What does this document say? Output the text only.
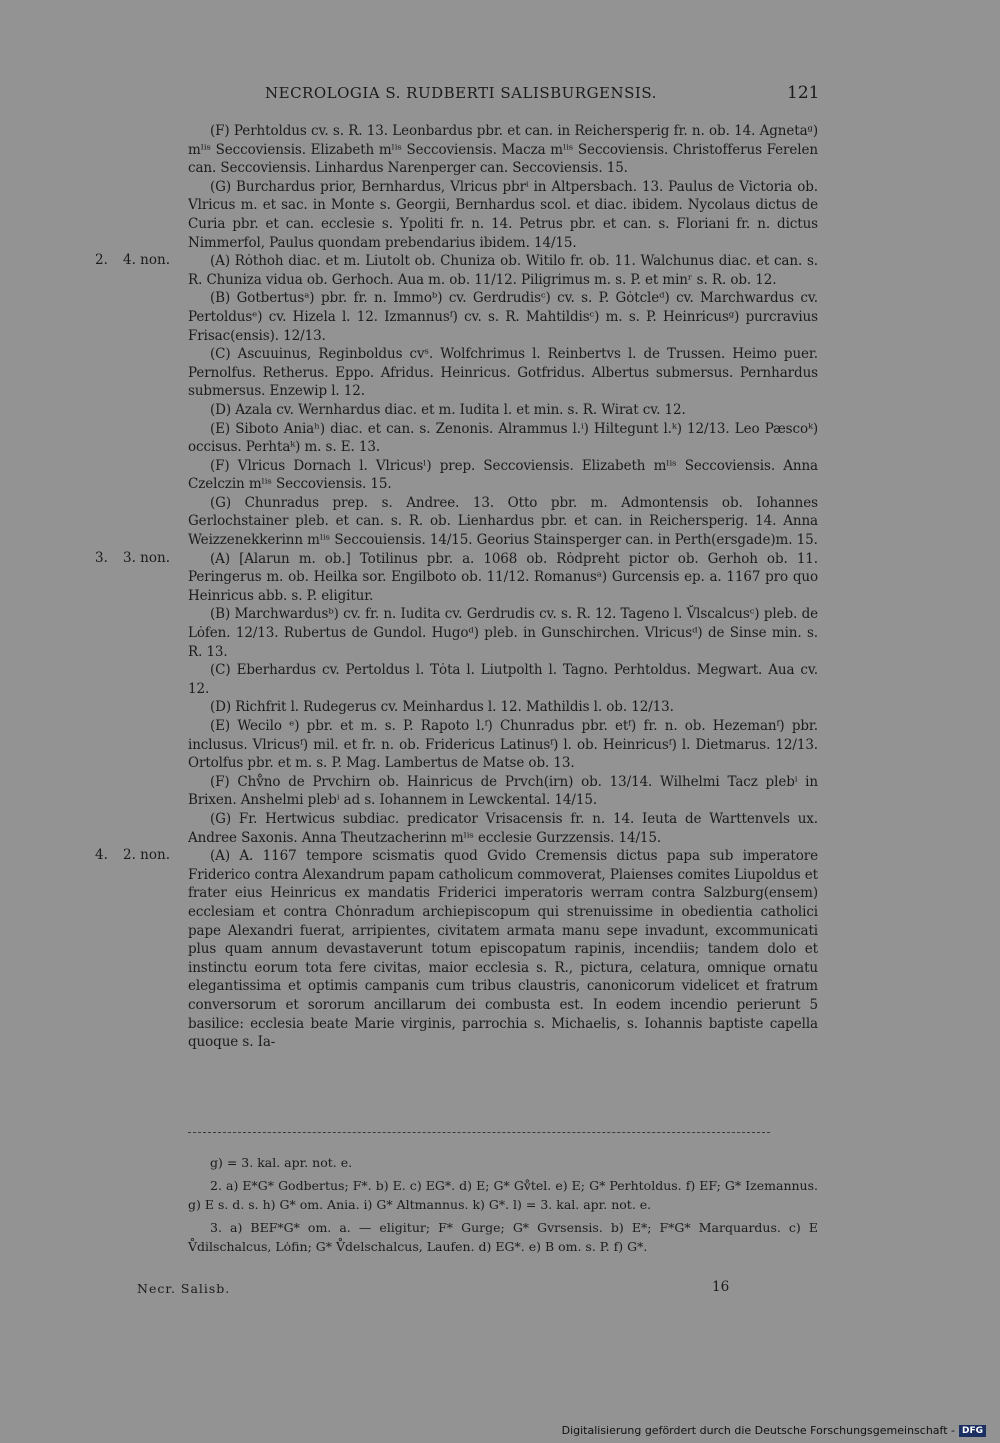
NECROLOGIA S. RUDBERTI SALISBURGENSIS.	121

(F) Perhtoldus cv. s. R. 13. Leonbardus pbr. et can. in Reichersperig fr. n. ob. 14. Agnetaᵍ) mˡⁱˢ Seccoviensis. Elizabeth mˡⁱˢ Seccoviensis. Macza mˡⁱˢ Seccoviensis. Christofferus Ferelen can. Seccoviensis. Linhardus Narenperger can. Seccoviensis. 15.

(G) Burchardus prior, Bernhardus, Vlricus pbrⁱ in Altpersbach. 13. Paulus de Victoria ob. Vlricus m. et sac. in Monte s. Georgii, Bernhardus scol. et diac. ibidem. Nycolaus dictus de Curia pbr. et can. ecclesie s. Ypoliti fr. n. 14. Petrus pbr. et can. s. Floriani fr. n. dictus Nimmerfol, Paulus quondam prebendarius ibidem. 14/15.

2. 4. non.	(A) Rȯthoh diac. et m. Liutolt ob. Chuniza ob. Witilo fr. ob. 11. Walchunus diac. et can. s. R. Chuniza vidua ob. Gerhoch. Aua m. ob. 11/12. Piligrimus m. s. P. et minʳ s. R. ob. 12.

(B) Gotbertusᵃ) pbr. fr. n. Immoᵇ) cv. Gerdrudisᶜ) cv. s. P. Gȯtcleᵈ) cv. Marchwardus cv. Pertoldusᵉ) cv. Hizela l. 12. Izmannusᶠ) cv. s. R. Mahtildisᶜ) m. s. P. Heinricusᵍ) purcravius Frisac(ensis). 12/13.

(C) Ascuuinus, Reginboldus cvˢ. Wolfchrimus l. Reinbertvs l. de Trussen. Heimo puer. Pernolfus. Retherus. Eppo. Afridus. Heinricus. Gotfridus. Albertus submersus. Pernhardus submersus. Enzewip l. 12.

(D) Azala cv. Wernhardus diac. et m. Iudita l. et min. s. R. Wirat cv. 12.

(E) Siboto Aniaʰ) diac. et can. s. Zenonis. Alrammus l.ⁱ) Hiltegunt l.ᵏ) 12/13. Leo Pæscoᵏ) occisus. Perhtaᵏ) m. s. E. 13.

(F) Vlricus Dornach l. Vlricusˡ) prep. Seccoviensis. Elizabeth mˡⁱˢ Seccoviensis. Anna Czelczin mˡⁱˢ Seccoviensis. 15.

(G) Chunradus prep. s. Andree. 13. Otto pbr. m. Admontensis ob. Iohannes Gerlochstainer pleb. et can. s. R. ob. Lienhardus pbr. et can. in Reichersperig. 14. Anna Weizzenekkerinn mˡⁱˢ Seccouiensis. 14/15. Georius Stainsperger can. in Perth(ersgade)m. 15.

3. 3. non.	(A) [Alarun m. ob.] Totilinus pbr. a. 1068 ob. Rȯdpreht pictor ob. Gerhoh ob. 11. Peringerus m. ob. Heilka sor. Engilboto ob. 11/12. Romanusᵃ) Gurcensis ep. a. 1167 pro quo Heinricus abb. s. P. eligitur.

(B) Marchwardusᵇ) cv. fr. n. Iudita cv. Gerdrudis cv. s. R. 12. Tageno l. V̊lscalcusᶜ) pleb. de Lȯfen. 12/13. Rubertus de Gundol. Hugoᵈ) pleb. in Gunschirchen. Vlricusᵈ) de Sinse min. s. R. 13.

(C) Eberhardus cv. Pertoldus l. Tȯta l. Liutpolth l. Tagno. Perhtoldus. Megwart. Aua cv. 12.

(D) Richfrit l. Rudegerus cv. Meinhardus l. 12. Mathildis l. ob. 12/13.

(E) Wecilo ᵉ) pbr. et m. s. P. Rapoto l.ᶠ) Chunradus pbr. etᶠ) fr. n. ob. Hezemanᶠ) pbr. inclusus. Vlricusᶠ) mil. et fr. n. ob. Fridericus Latinusᶠ) l. ob. Heinricusᶠ) l. Dietmarus. 12/13. Ortolfus pbr. et m. s. P. Mag. Lambertus de Matse ob. 13.

(F) Chv̊no de Prvchirn ob. Hainricus de Prvch(irn) ob. 13/14. Wilhelmi Tacz plebⁱ in Brixen. Anshelmi plebⁱ ad s. Iohannem in Lewckental. 14/15.

(G) Fr. Hertwicus subdiac. predicator Vrisacensis fr. n. 14. Ieuta de Warttenvels ux. Andree Saxonis. Anna Theutzacherinn mˡⁱˢ ecclesie Gurzzensis. 14/15.

4. 2. non.	(A) A. 1167 tempore scismatis quod Gvido Cremensis dictus papa sub imperatore Friderico contra Alexandrum papam catholicum commoverat, Plaienses comites Liupoldus et frater eius Heinricus ex mandatis Friderici imperatoris werram contra Salzburg(ensem) ecclesiam et contra Chȯnradum archiepiscopum qui strenuissime in obedientia catholici pape Alexandri fuerat, arripientes, civitatem armata manu sepe invadunt, excommunicati plus quam annum devastaverunt totum episcopatum rapinis, incendiis; tandem dolo et instinctu eorum tota fere civitas, maior ecclesia s. R., pictura, celatura, omnique ornatu elegantissima et optimis campanis cum tribus claustris, canonicorum videlicet et fratrum conversorum et sororum ancillarum dei combusta est. In eodem incendio perierunt 5 basilice: ecclesia beate Marie virginis, parrochia s. Michaelis, s. Iohannis baptiste capella quoque s. Ia-

g) = 3. kal. apr. not. e.

2. a) E*G* Godbertus; F*. b) E. c) EG*. d) E; G* Gv̊tel. e) E; G* Perhtoldus. f) EF; G* Izemannus. g) E s. d. s. h) G* om. Ania. i) G* Altmannus. k) G*. l) = 3. kal. apr. not. e.

3. a) BEF*G* om. a. — eligitur; F* Gurge; G* Gvrsensis. b) E*; F*G* Marquardus. c) E V̊dilschalcus, Lȯfin; G* V̊delschalcus, Laufen. d) EG*. e) B om. s. P. f) G*.

Necr. Salisb.	16
Digitalisierung gefördert durch die Deutsche Forschungsgemeinschaft - DFG
